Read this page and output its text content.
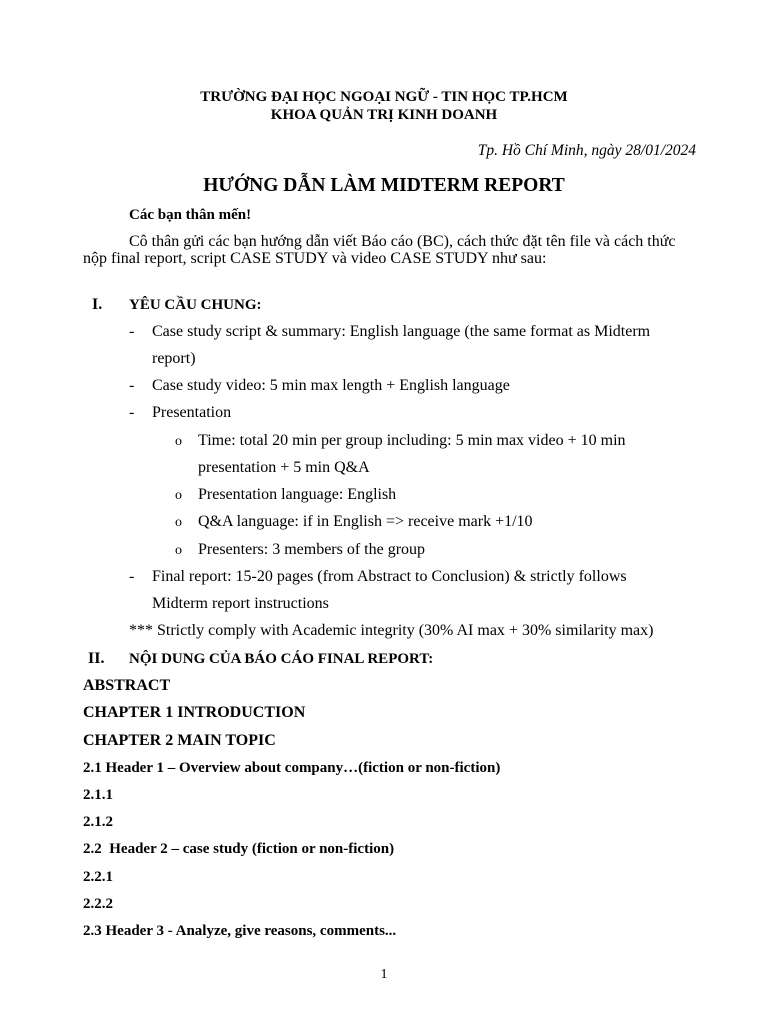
TRƯỜNG ĐẠI HỌC NGOẠI NGỮ - TIN HỌC TP.HCM
KHOA QUẢN TRỊ KINH DOANH
Tp. Hồ Chí Minh, ngày 28/01/2024
HƯỚNG DẪN LÀM MIDTERM REPORT
Các bạn thân mến!
Cô thân gửi các bạn hướng dẫn viết Báo cáo (BC), cách thức đặt tên file và cách thức
nộp final report, script CASE STUDY và video CASE STUDY như sau:
I. YÊU CẦU CHUNG:
- Case study script & summary: English language (the same format as Midterm
report)
- Case study video: 5 min max length + English language
- Presentation
o Time: total 20 min per group including: 5 min max video + 10 min
presentation + 5 min Q&A
o Presentation language: English
o Q&A language: if in English => receive mark +1/10
o Presenters: 3 members of the group
- Final report: 15-20 pages (from Abstract to Conclusion) & strictly follows
Midterm report instructions
*** Strictly comply with Academic integrity (30% AI max + 30% similarity max)
II. NỘI DUNG CỦA BÁO CÁO FINAL REPORT:
ABSTRACT
CHAPTER 1 INTRODUCTION
CHAPTER 2 MAIN TOPIC
2.1 Header 1 – Overview about company…(fiction or non-fiction)
2.1.1
2.1.2
2.2  Header 2 – case study (fiction or non-fiction)
2.2.1
2.2.2
2.3 Header 3 - Analyze, give reasons, comments...
1
